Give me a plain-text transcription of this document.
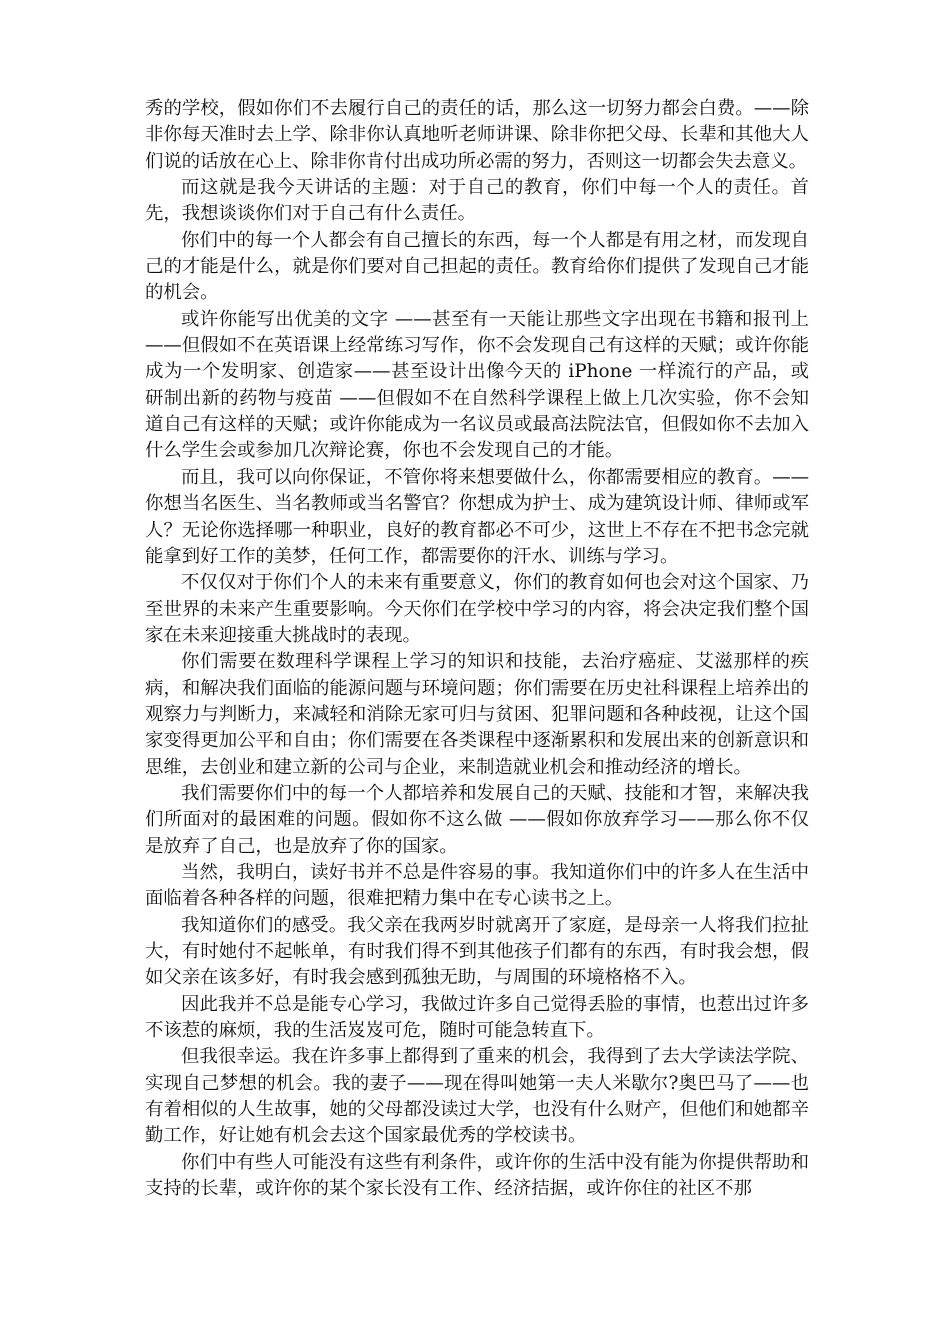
秀的学校，假如你们不去履行自己的责任的话，那么这一切努力都会白费。——除非你每天准时去上学、除非你认真地听老师讲课、除非你把父母、长辈和其他大人们说的话放在心上、除非你肯付出成功所必需的努力，否则这一切都会失去意义。

而这就是我今天讲话的主题：对于自己的教育，你们中每一个人的责任。首先，我想谈谈你们对于自己有什么责任。

你们中的每一个人都会有自己擅长的东西，每一个人都是有用之材，而发现自己的才能是什么，就是你们要对自己担起的责任。教育给你们提供了发现自己才能的机会。

或许你能写出优美的文字 ——甚至有一天能让那些文字出现在书籍和报刊上——但假如不在英语课上经常练习写作，你不会发现自己有这样的天赋；或许你能成为一个发明家、创造家——甚至设计出像今天的 iPhone 一样流行的产品，或研制出新的药物与疫苗 ——但假如不在自然科学课程上做上几次实验，你不会知道自己有这样的天赋；或许你能成为一名议员或最高法院法官，但假如你不去加入什么学生会或参加几次辩论赛，你也不会发现自己的才能。

而且，我可以向你保证，不管你将来想要做什么，你都需要相应的教育。——你想当名医生、当名教师或当名警官？你想成为护士、成为建筑设计师、律师或军人？无论你选择哪一种职业，良好的教育都必不可少，这世上不存在不把书念完就能拿到好工作的美梦，任何工作，都需要你的汗水、训练与学习。

不仅仅对于你们个人的未来有重要意义，你们的教育如何也会对这个国家、乃至世界的未来产生重要影响。今天你们在学校中学习的内容，将会决定我们整个国家在未来迎接重大挑战时的表现。

你们需要在数理科学课程上学习的知识和技能，去治疗癌症、艾滋那样的疾病，和解决我们面临的能源问题与环境问题；你们需要在历史社科课程上培养出的观察力与判断力，来减轻和消除无家可归与贫困、犯罪问题和各种歧视，让这个国家变得更加公平和自由；你们需要在各类课程中逐渐累积和发展出来的创新意识和思维，去创业和建立新的公司与企业，来制造就业机会和推动经济的增长。

我们需要你们中的每一个人都培养和发展自己的天赋、技能和才智，来解决我们所面对的最困难的问题。假如你不这么做 ——假如你放弃学习——那么你不仅是放弃了自己，也是放弃了你的国家。

当然，我明白，读好书并不总是件容易的事。我知道你们中的许多人在生活中面临着各种各样的问题，很难把精力集中在专心读书之上。

我知道你们的感受。我父亲在我两岁时就离开了家庭，是母亲一人将我们拉扯大，有时她付不起帐单，有时我们得不到其他孩子们都有的东西，有时我会想，假如父亲在该多好，有时我会感到孤独无助，与周围的环境格格不入。

因此我并不总是能专心学习，我做过许多自己觉得丢脸的事情，也惹出过许多不该惹的麻烦，我的生活岌岌可危，随时可能急转直下。

但我很幸运。我在许多事上都得到了重来的机会，我得到了去大学读法学院、实现自己梦想的机会。我的妻子——现在得叫她第一夫人米歇尔?奥巴马了——也有着相似的人生故事，她的父母都没读过大学，也没有什么财产，但他们和她都辛勤工作，好让她有机会去这个国家最优秀的学校读书。

你们中有些人可能没有这些有利条件，或许你的生活中没有能为你提供帮助和支持的长辈，或许你的某个家长没有工作、经济拮据，或许你住的社区不那
